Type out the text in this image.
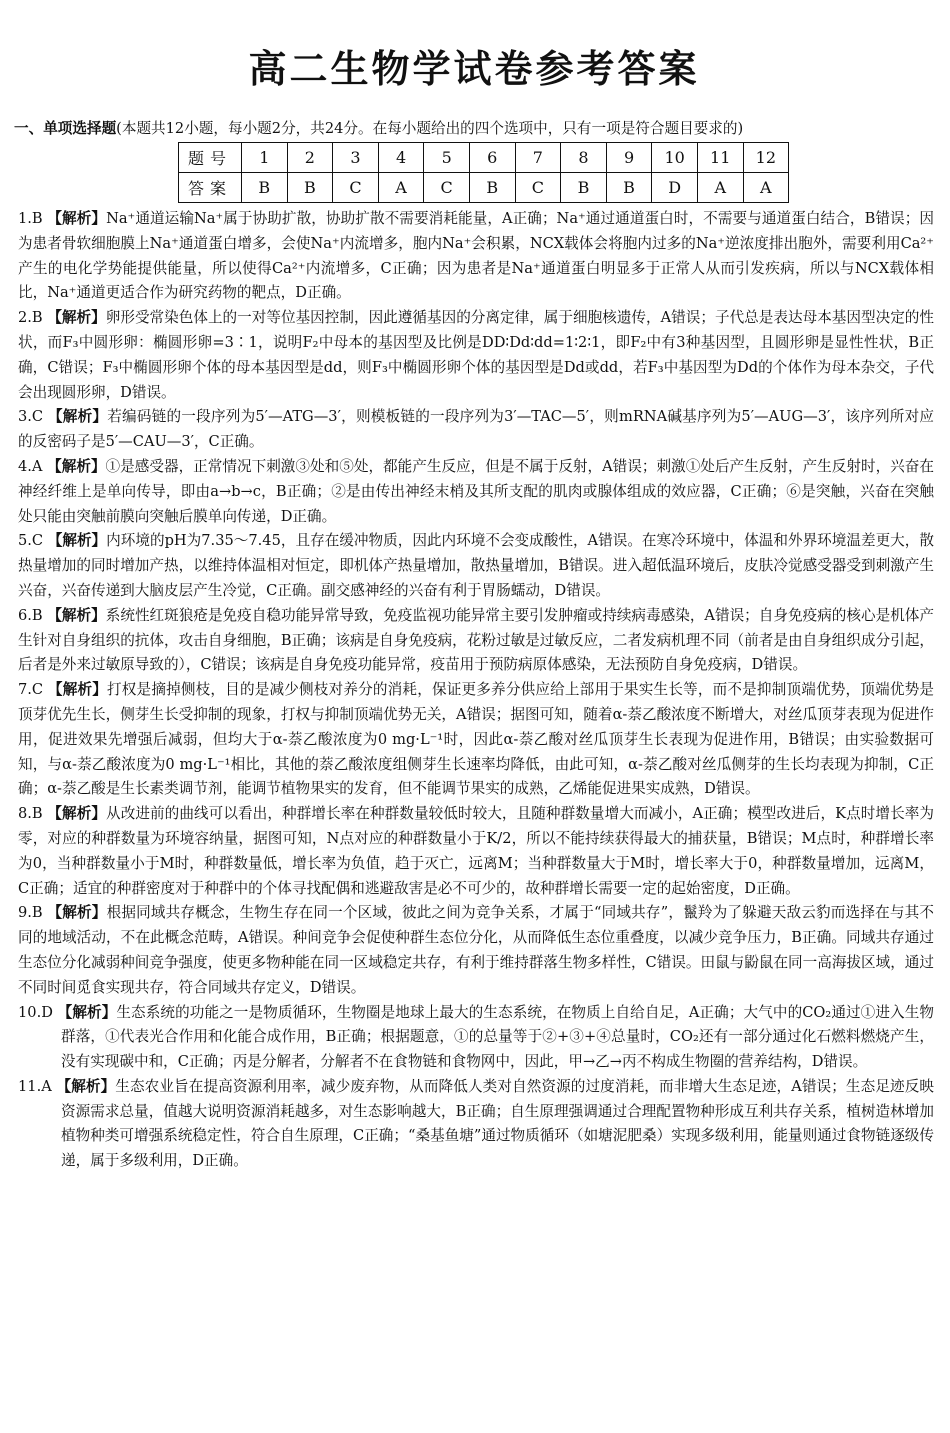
高二生物学试卷参考答案
一、单项选择题(本题共12小题，每小题2分，共24分。在每小题给出的四个选项中，只有一项是符合题目要求的)
题号	1	2	3	4	5	6	7	8	9	10	11	12
答案	B	B	C	A	C	B	C	B	B	D	A	A
1.B 【解析】Na⁺通道运输Na⁺属于协助扩散，协助扩散不需要消耗能量，A正确；Na⁺通过通道蛋白时，不需要与通道蛋白结合，B错误；因为患者骨软细胞膜上Na⁺通道蛋白增多，会使Na⁺内流增多，胞内Na⁺会积累，NCX载体会将胞内过多的Na⁺逆浓度排出胞外，需要利用Ca²⁺产生的电化学势能提供能量，所以使得Ca²⁺内流增多，C正确；因为患者是Na⁺通道蛋白明显多于正常人从而引发疾病，所以与NCX载体相比，Na⁺通道更适合作为研究药物的靶点，D正确。
2.B 【解析】卵形受常染色体上的一对等位基因控制，因此遵循基因的分离定律，属于细胞核遗传，A错误；子代总是表达母本基因型决定的性状，而F₃中圆形卵：椭圆形卵=3∶1，说明F₂中母本的基因型及比例是DD∶Dd∶dd=1∶2∶1，即F₂中有3种基因型，且圆形卵是显性性状，B正确，C错误；F₃中椭圆形卵个体的母本基因型是dd，则F₃中椭圆形卵个体的基因型是Dd或dd，若F₃中基因型为Dd的个体作为母本杂交，子代会出现圆形卵，D错误。
3.C 【解析】若编码链的一段序列为5′—ATG—3′，则模板链的一段序列为3′—TAC—5′，则mRNA碱基序列为5′—AUG—3′，该序列所对应的反密码子是5′—CAU—3′，C正确。
4.A 【解析】①是感受器，正常情况下刺激③处和⑤处，都能产生反应，但是不属于反射，A错误；刺激①处后产生反射，产生反射时，兴奋在神经纤维上是单向传导，即由a→b→c，B正确；②是由传出神经末梢及其所支配的肌肉或腺体组成的效应器，C正确；⑥是突触，兴奋在突触处只能由突触前膜向突触后膜单向传递，D正确。
5.C 【解析】内环境的pH为7.35～7.45，且存在缓冲物质，因此内环境不会变成酸性，A错误。在寒冷环境中，体温和外界环境温差更大，散热量增加的同时增加产热，以维持体温相对恒定，即机体产热量增加，散热量增加，B错误。进入超低温环境后，皮肤冷觉感受器受到刺激产生兴奋，兴奋传递到大脑皮层产生冷觉，C正确。副交感神经的兴奋有利于胃肠蠕动，D错误。
6.B 【解析】系统性红斑狼疮是免疫自稳功能异常导致，免疫监视功能异常主要引发肿瘤或持续病毒感染，A错误；自身免疫病的核心是机体产生针对自身组织的抗体，攻击自身细胞，B正确；该病是自身免疫病，花粉过敏是过敏反应，二者发病机理不同（前者是由自身组织成分引起，后者是外来过敏原导致的），C错误；该病是自身免疫功能异常，疫苗用于预防病原体感染，无法预防自身免疫病，D错误。
7.C 【解析】打权是摘掉侧枝，目的是减少侧枝对养分的消耗，保证更多养分供应给上部用于果实生长等，而不是抑制顶端优势，顶端优势是顶芽优先生长，侧芽生长受抑制的现象，打权与抑制顶端优势无关，A错误；据图可知，随着α-萘乙酸浓度不断增大，对丝瓜顶芽表现为促进作用，促进效果先增强后减弱，但均大于α-萘乙酸浓度为0 mg·L⁻¹时，因此α-萘乙酸对丝瓜顶芽生长表现为促进作用，B错误；由实验数据可知，与α-萘乙酸浓度为0 mg·L⁻¹相比，其他的萘乙酸浓度组侧芽生长速率均降低，由此可知，α-萘乙酸对丝瓜侧芽的生长均表现为抑制，C正确；α-萘乙酸是生长素类调节剂，能调节植物果实的发育，但不能调节果实的成熟，乙烯能促进果实成熟，D错误。
8.B 【解析】从改进前的曲线可以看出，种群增长率在种群数量较低时较大，且随种群数量增大而减小，A正确；模型改进后，K点时增长率为零，对应的种群数量为环境容纳量，据图可知，N点对应的种群数量小于K/2，所以不能持续获得最大的捕获量，B错误；M点时，种群增长率为0，当种群数量小于M时，种群数量低，增长率为负值，趋于灭亡，远离M；当种群数量大于M时，增长率大于0，种群数量增加，远离M，C正确；适宜的种群密度对于种群中的个体寻找配偶和逃避敌害是必不可少的，故种群增长需要一定的起始密度，D正确。
9.B 【解析】根据同域共存概念，生物生存在同一个区域，彼此之间为竞争关系，才属于“同域共存”，鬣羚为了躲避天敌云豹而选择在与其不同的地域活动，不在此概念范畴，A错误。种间竞争会促使种群生态位分化，从而降低生态位重叠度，以减少竞争压力，B正确。同域共存通过生态位分化减弱种间竞争强度，使更多物种能在同一区域稳定共存，有利于维持群落生物多样性，C错误。田鼠与鼢鼠在同一高海拔区域，通过不同时间觅食实现共存，符合同域共存定义，D错误。
10.D 【解析】生态系统的功能之一是物质循环，生物圈是地球上最大的生态系统，在物质上自给自足，A正确；大气中的CO₂通过①进入生物群落，①代表光合作用和化能合成作用，B正确；根据题意，①的总量等于②+③+④总量时，CO₂还有一部分通过化石燃料燃烧产生，没有实现碳中和，C正确；丙是分解者，分解者不在食物链和食物网中，因此，甲→乙→丙不构成生物圈的营养结构，D错误。
11.A 【解析】生态农业旨在提高资源利用率，减少废弃物，从而降低人类对自然资源的过度消耗，而非增大生态足迹，A错误；生态足迹反映资源需求总量，值越大说明资源消耗越多，对生态影响越大，B正确；自生原理强调通过合理配置物种形成互利共存关系，植树造林增加植物种类可增强系统稳定性，符合自生原理，C正确；“桑基鱼塘”通过物质循环（如塘泥肥桑）实现多级利用，能量则通过食物链逐级传递，属于多级利用，D正确。
